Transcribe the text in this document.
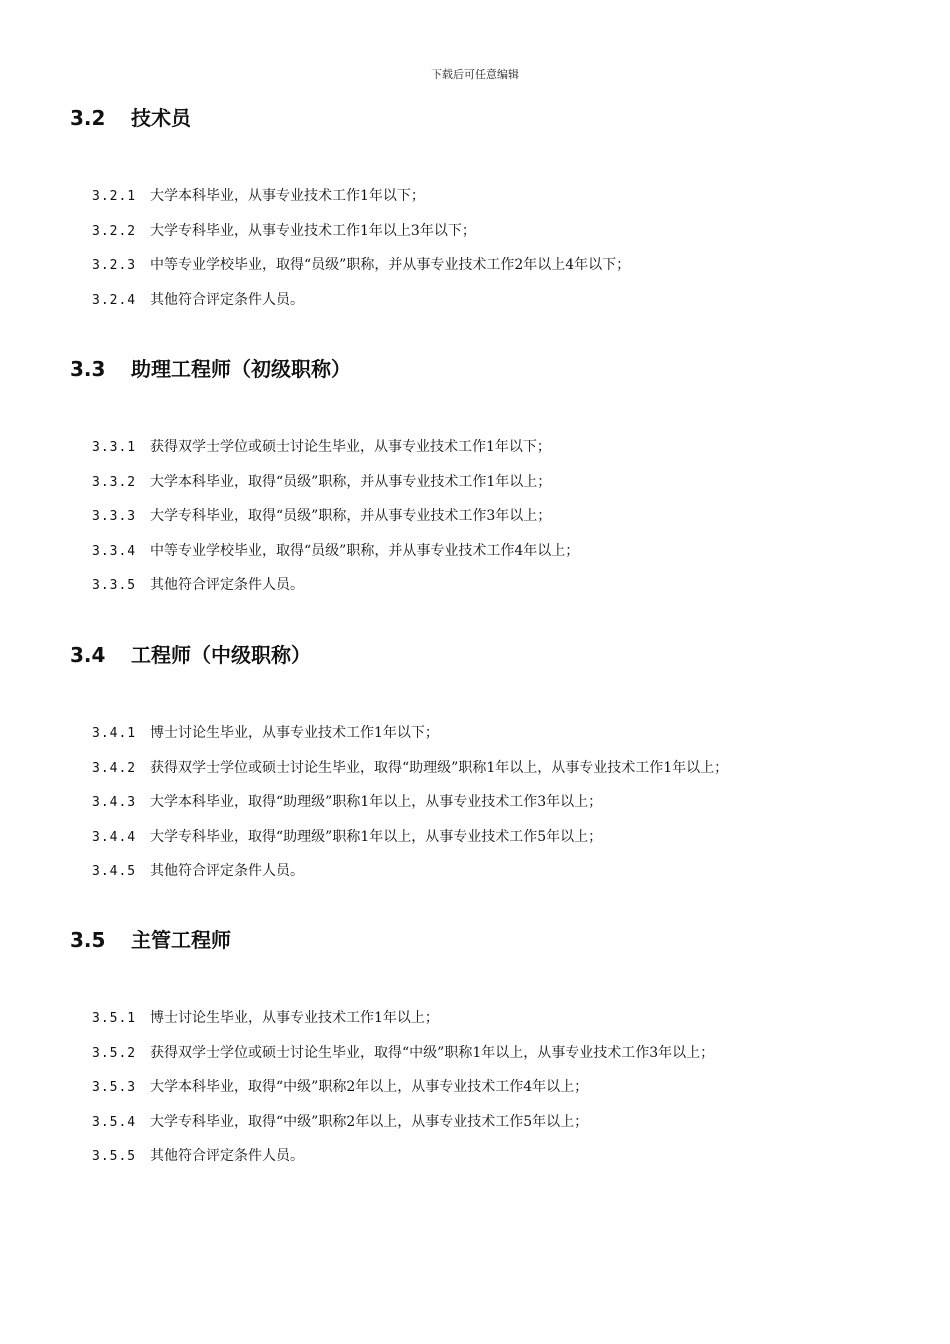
下载后可任意编辑
3.2 技术员
3.2.1 大学本科毕业，从事专业技术工作1年以下；
3.2.2 大学专科毕业，从事专业技术工作1年以上3年以下；
3.2.3 中等专业学校毕业，取得“员级”职称，并从事专业技术工作2年以上4年以下；
3.2.4 其他符合评定条件人员。
3.3 助理工程师（初级职称）
3.3.1 获得双学士学位或硕士讨论生毕业，从事专业技术工作1年以下；
3.3.2 大学本科毕业，取得“员级”职称，并从事专业技术工作1年以上；
3.3.3 大学专科毕业，取得“员级”职称，并从事专业技术工作3年以上；
3.3.4 中等专业学校毕业，取得“员级”职称，并从事专业技术工作4年以上；
3.3.5 其他符合评定条件人员。
3.4 工程师（中级职称）
3.4.1 博士讨论生毕业，从事专业技术工作1年以下；
3.4.2 获得双学士学位或硕士讨论生毕业，取得“助理级”职称1年以上，从事专业技术工作1年以上；
3.4.3 大学本科毕业，取得“助理级”职称1年以上，从事专业技术工作3年以上；
3.4.4 大学专科毕业，取得“助理级”职称1年以上，从事专业技术工作5年以上；
3.4.5 其他符合评定条件人员。
3.5 主管工程师
3.5.1 博士讨论生毕业，从事专业技术工作1年以上；
3.5.2 获得双学士学位或硕士讨论生毕业，取得“中级”职称1年以上，从事专业技术工作3年以上；
3.5.3 大学本科毕业，取得“中级”职称2年以上，从事专业技术工作4年以上；
3.5.4 大学专科毕业，取得“中级”职称2年以上，从事专业技术工作5年以上；
3.5.5 其他符合评定条件人员。
